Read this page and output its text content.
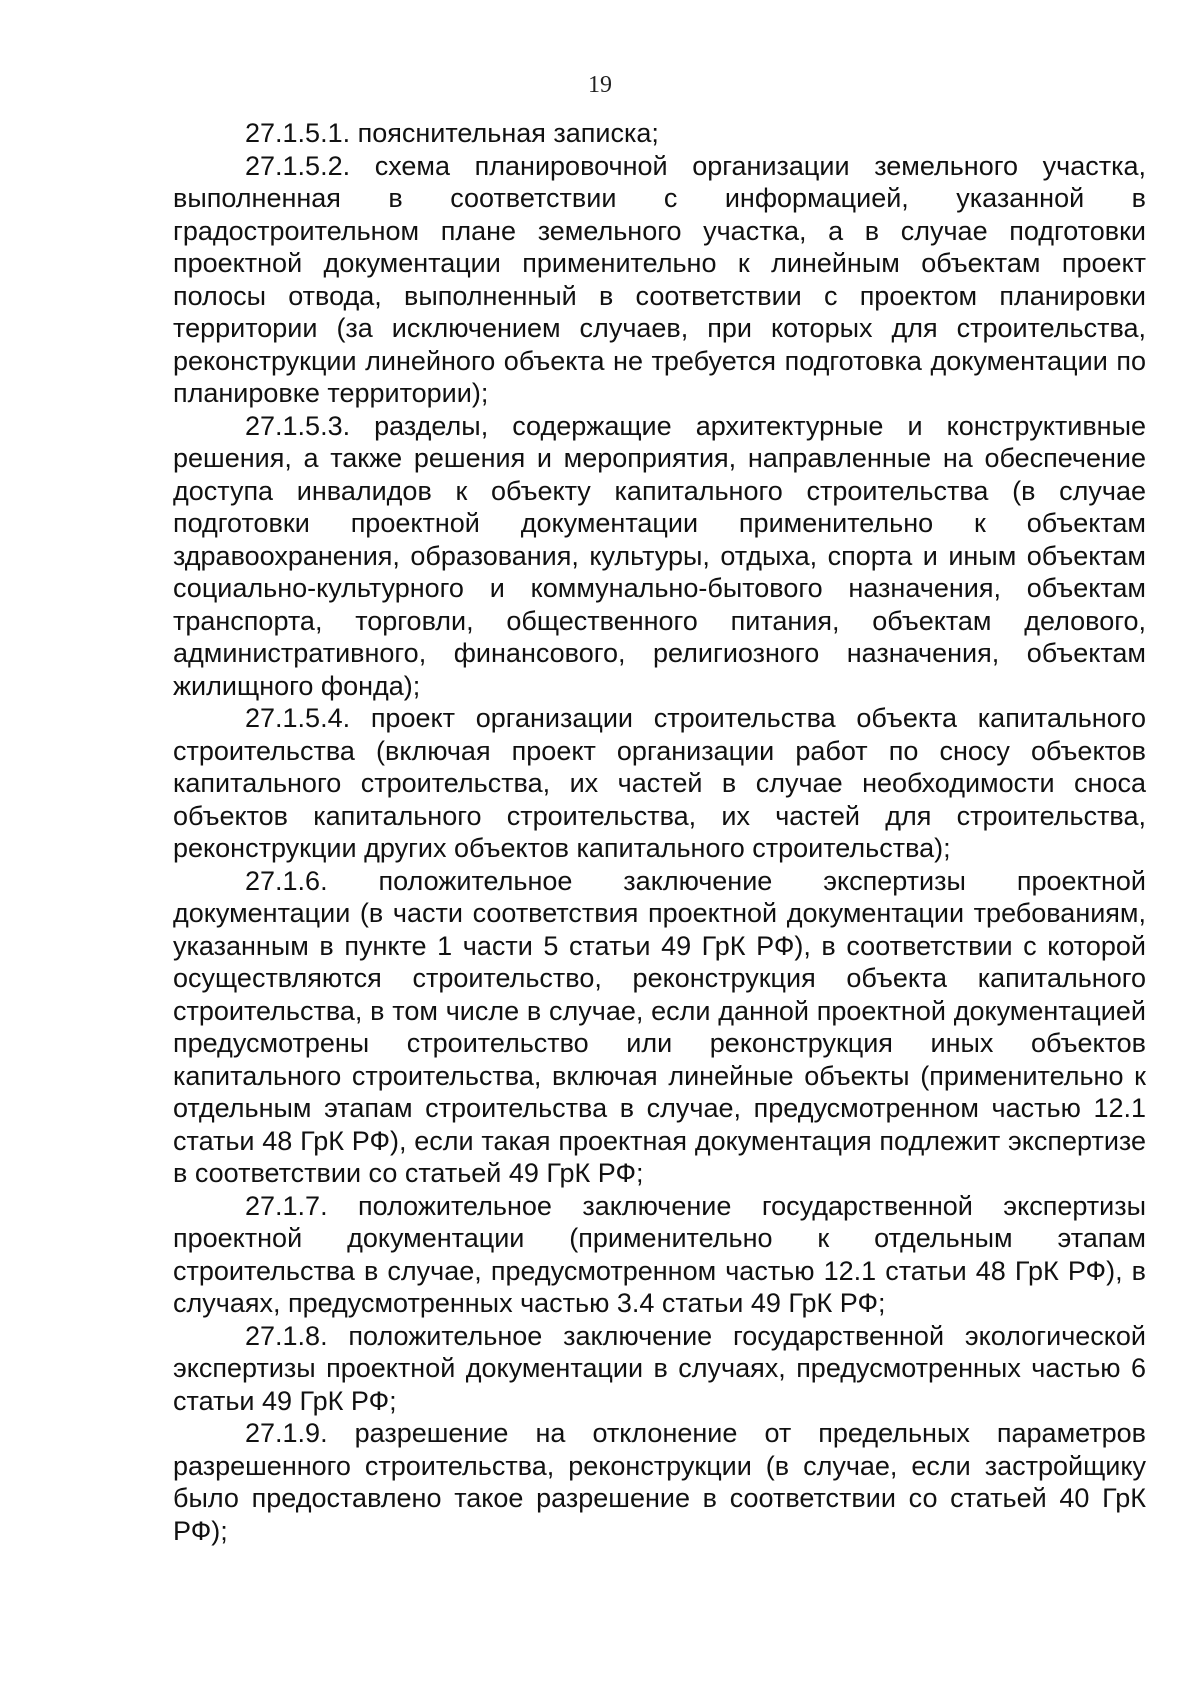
19

27.1.5.1. пояснительная записка;

27.1.5.2. схема планировочной организации земельного участка, выполненная в соответствии с информацией, указанной в градостроительном плане земельного участка, а в случае подготовки проектной документации применительно к линейным объектам проект полосы отвода, выполненный в соответствии с проектом планировки территории (за исключением случаев, при которых для строительства, реконструкции линейного объекта не требуется подготовка документации по планировке территории);

27.1.5.3. разделы, содержащие архитектурные и конструктивные решения, а также решения и мероприятия, направленные на обеспечение доступа инвалидов к объекту капитального строительства (в случае подготовки проектной документации применительно к объектам здравоохранения, образования, культуры, отдыха, спорта и иным объектам социально-культурного и коммунально-бытового назначения, объектам транспорта, торговли, общественного питания, объектам делового, административного, финансового, религиозного назначения, объектам жилищного фонда);

27.1.5.4. проект организации строительства объекта капитального строительства (включая проект организации работ по сносу объектов капитального строительства, их частей в случае необходимости сноса объектов капитального строительства, их частей для строительства, реконструкции других объектов капитального строительства);

27.1.6. положительное заключение экспертизы проектной документации (в части соответствия проектной документации требованиям, указанным в пункте 1 части 5 статьи 49 ГрК РФ), в соответствии с которой осуществляются строительство, реконструкция объекта капитального строительства, в том числе в случае, если данной проектной документацией предусмотрены строительство или реконструкция иных объектов капитального строительства, включая линейные объекты (применительно к отдельным этапам строительства в случае, предусмотренном частью 12.1 статьи 48 ГрК РФ), если такая проектная документация подлежит экспертизе в соответствии со статьей 49 ГрК РФ;

27.1.7. положительное заключение государственной экспертизы проектной документации (применительно к отдельным этапам строительства в случае, предусмотренном частью 12.1 статьи 48 ГрК РФ), в случаях, предусмотренных частью 3.4 статьи 49 ГрК РФ;

27.1.8. положительное заключение государственной экологической экспертизы проектной документации в случаях, предусмотренных частью 6 статьи 49 ГрК РФ;

27.1.9. разрешение на отклонение от предельных параметров разрешенного строительства, реконструкции (в случае, если застройщику было предоставлено такое разрешение в соответствии со статьей 40 ГрК РФ);
